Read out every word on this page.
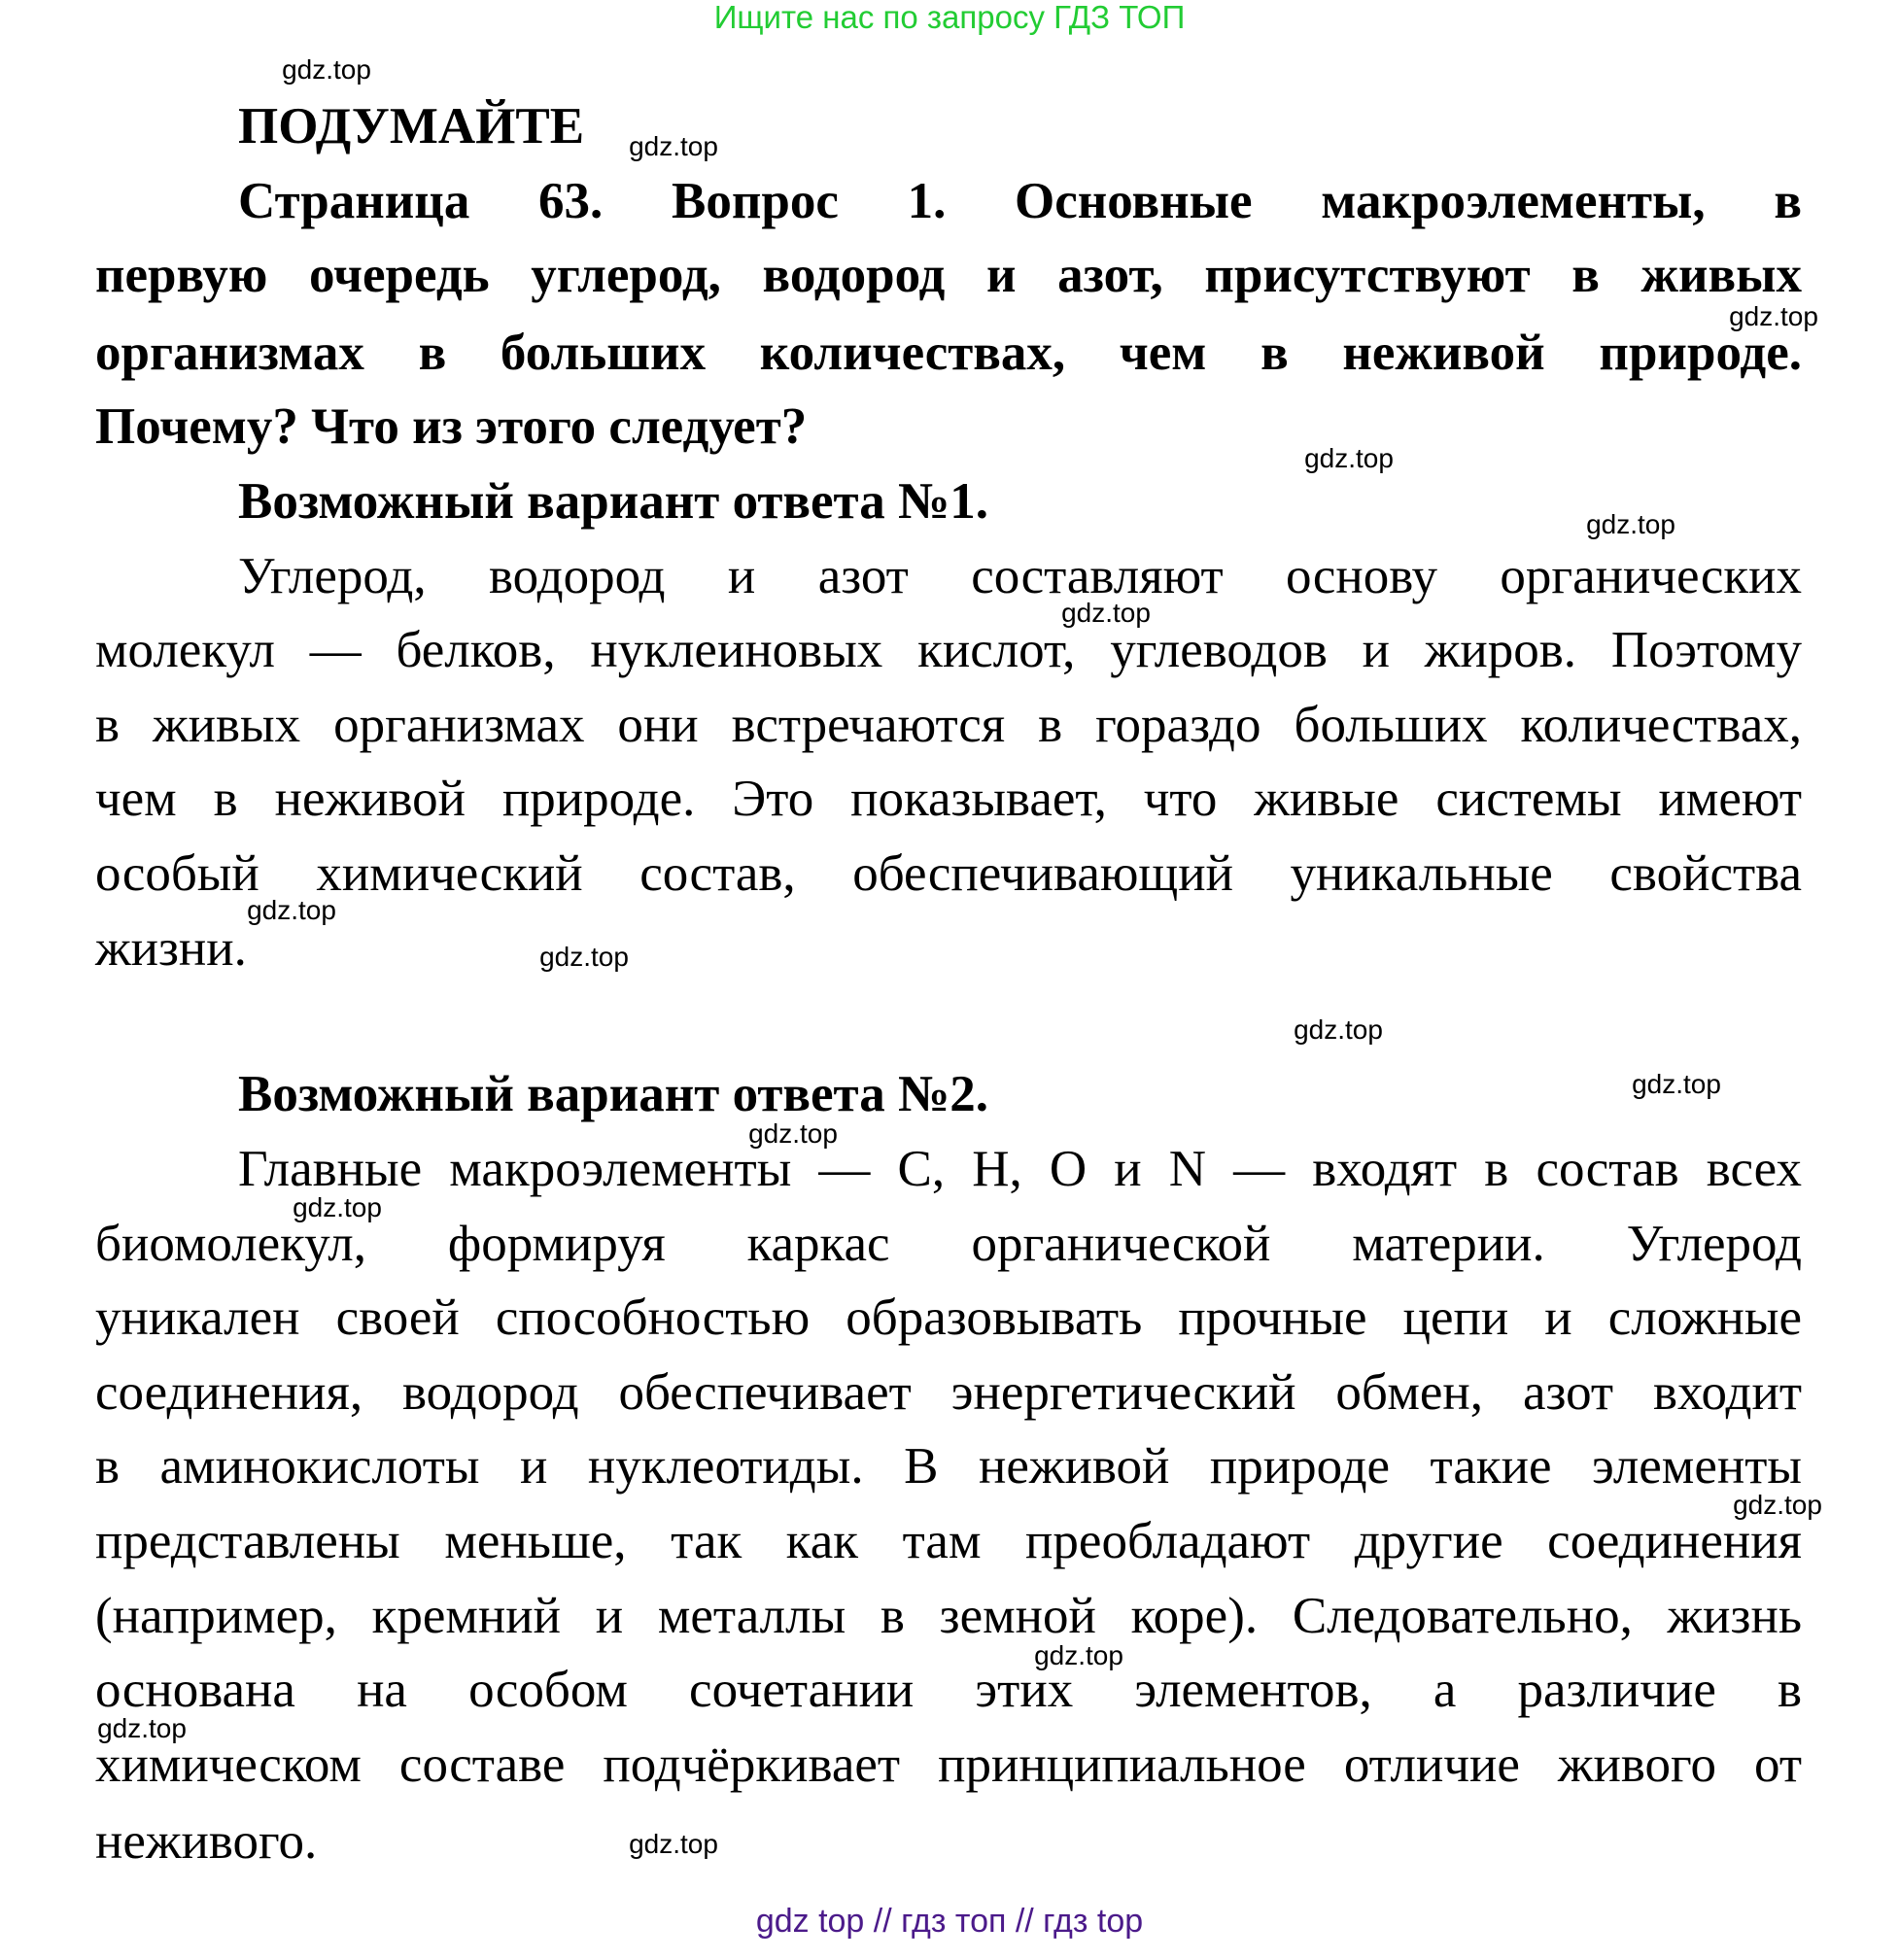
Ищите нас по запросу ГДЗ ТОП
ПОДУМАЙТЕ
Страница 63. Вопрос 1. Основные макроэлементы, в
первую очередь углерод, водород и азот, присутствуют в живых
организмах в больших количествах, чем в неживой природе.
Почему? Что из этого следует?
Возможный вариант ответа №1.
Углерод, водород и азот составляют основу органических
молекул — белков, нуклеиновых кислот, углеводов и жиров. Поэтому
в живых организмах они встречаются в гораздо больших количествах,
чем в неживой природе. Это показывает, что живые системы имеют
особый химический состав, обеспечивающий уникальные свойства
жизни.
Возможный вариант ответа №2.
Главные макроэлементы — C, H, O и N — входят в состав всех
биомолекул, формируя каркас органической материи. Углерод
уникален своей способностью образовывать прочные цепи и сложные
соединения, водород обеспечивает энергетический обмен, азот входит
в аминокислоты и нуклеотиды. В неживой природе такие элементы
представлены меньше, так как там преобладают другие соединения
(например, кремний и металлы в земной коре). Следовательно, жизнь
основана на особом сочетании этих элементов, а различие в
химическом составе подчёркивает принципиальное отличие живого от
неживого.
gdz.top
gdz.top
gdz.top
gdz.top
gdz.top
gdz.top
gdz.top
gdz.top
gdz.top
gdz.top
gdz.top
gdz.top
gdz.top
gdz.top
gdz.top
gdz.top
gdz top // гдз топ // гдз top
